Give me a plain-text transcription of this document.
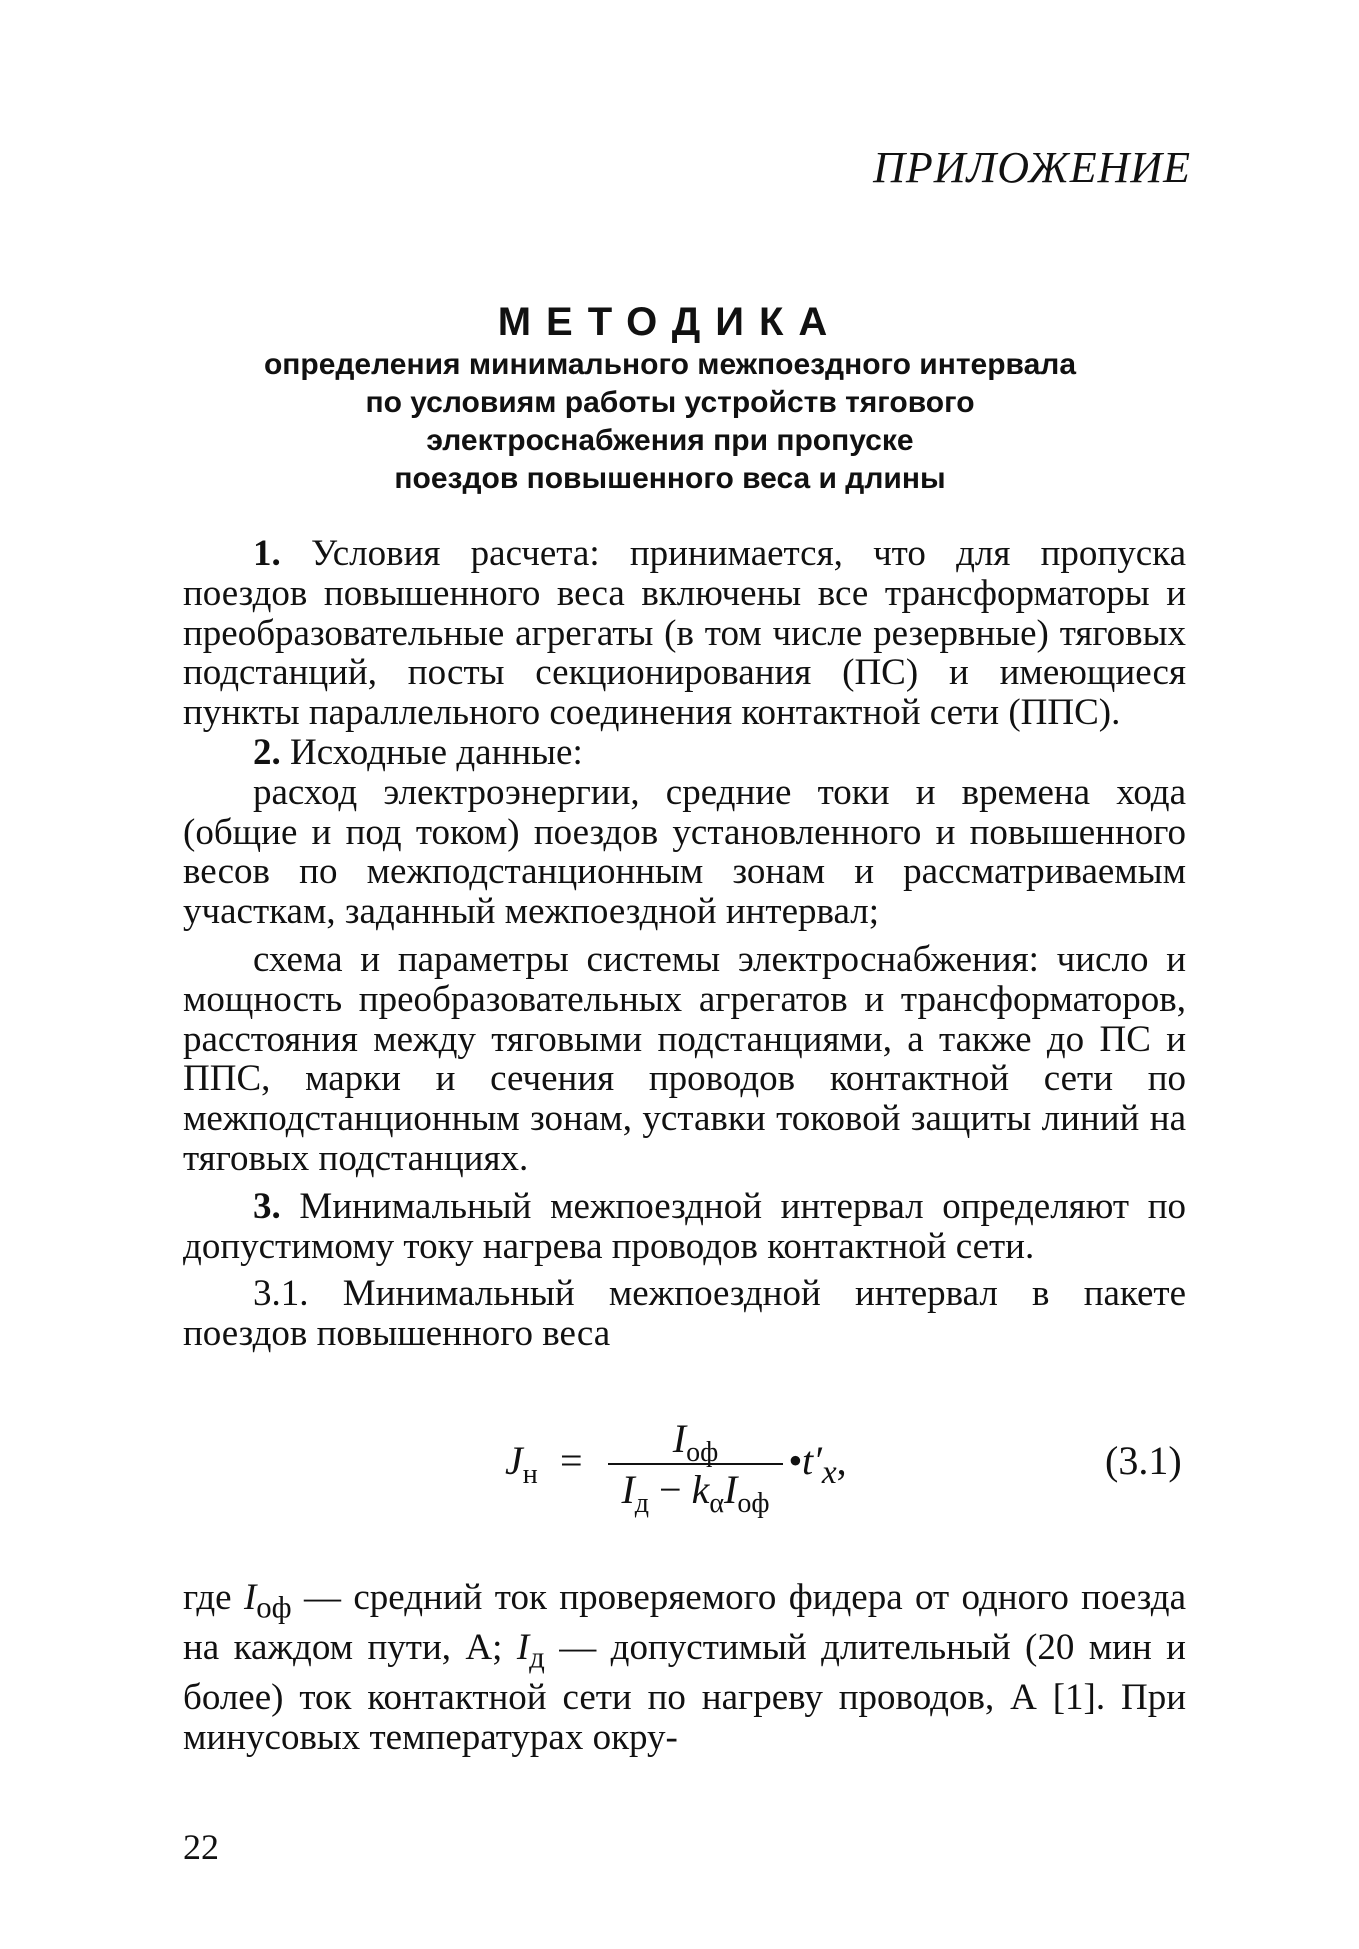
ПРИЛОЖЕНИЕ
МЕТОДИКА
определения минимального межпоездного интервала
по условиям работы устройств тягового
электроснабжения при пропуске
поездов повышенного веса и длины

1. Условия расчета: принимается, что для пропуска поездов повышенного веса включены все трансформаторы и преобразовательные агрегаты (в том числе резервные) тяговых подстанций, посты секционирования (ПС) и имеющиеся пункты параллельного соединения контактной сети (ППС).

2. Исходные данные:

расход электроэнергии, средние токи и времена хода (общие и под током) поездов установленного и повышенного весов по межподстанционным зонам и рассматриваемым участкам, заданный межпоездной интервал;

схема и параметры системы электроснабжения: число и мощность преобразовательных агрегатов и трансформаторов, расстояния между тяговыми подстанциями, а также до ПС и ППС, марки и сечения проводов контактной сети по межподстанционным зонам, уставки токовой защиты линий на тяговых подстанциях.

3. Минимальный межпоездной интервал определяют по допустимому току нагрева проводов контактной сети.

3.1. Минимальный межпоездной интервал в пакете поездов повышенного веса

$J_н$ =	$I_{оф}$
$I_д - k_\alpha I_{оф}$
$•t'_x$,	(3.1)

где $I_{оф}$ — средний ток проверяемого фидера от одного поезда на каждом пути, А; $I_д$ — допустимый длительный (20 мин и более) ток контактной сети по нагреву проводов, А [1]. При минусовых температурах окру-

22
